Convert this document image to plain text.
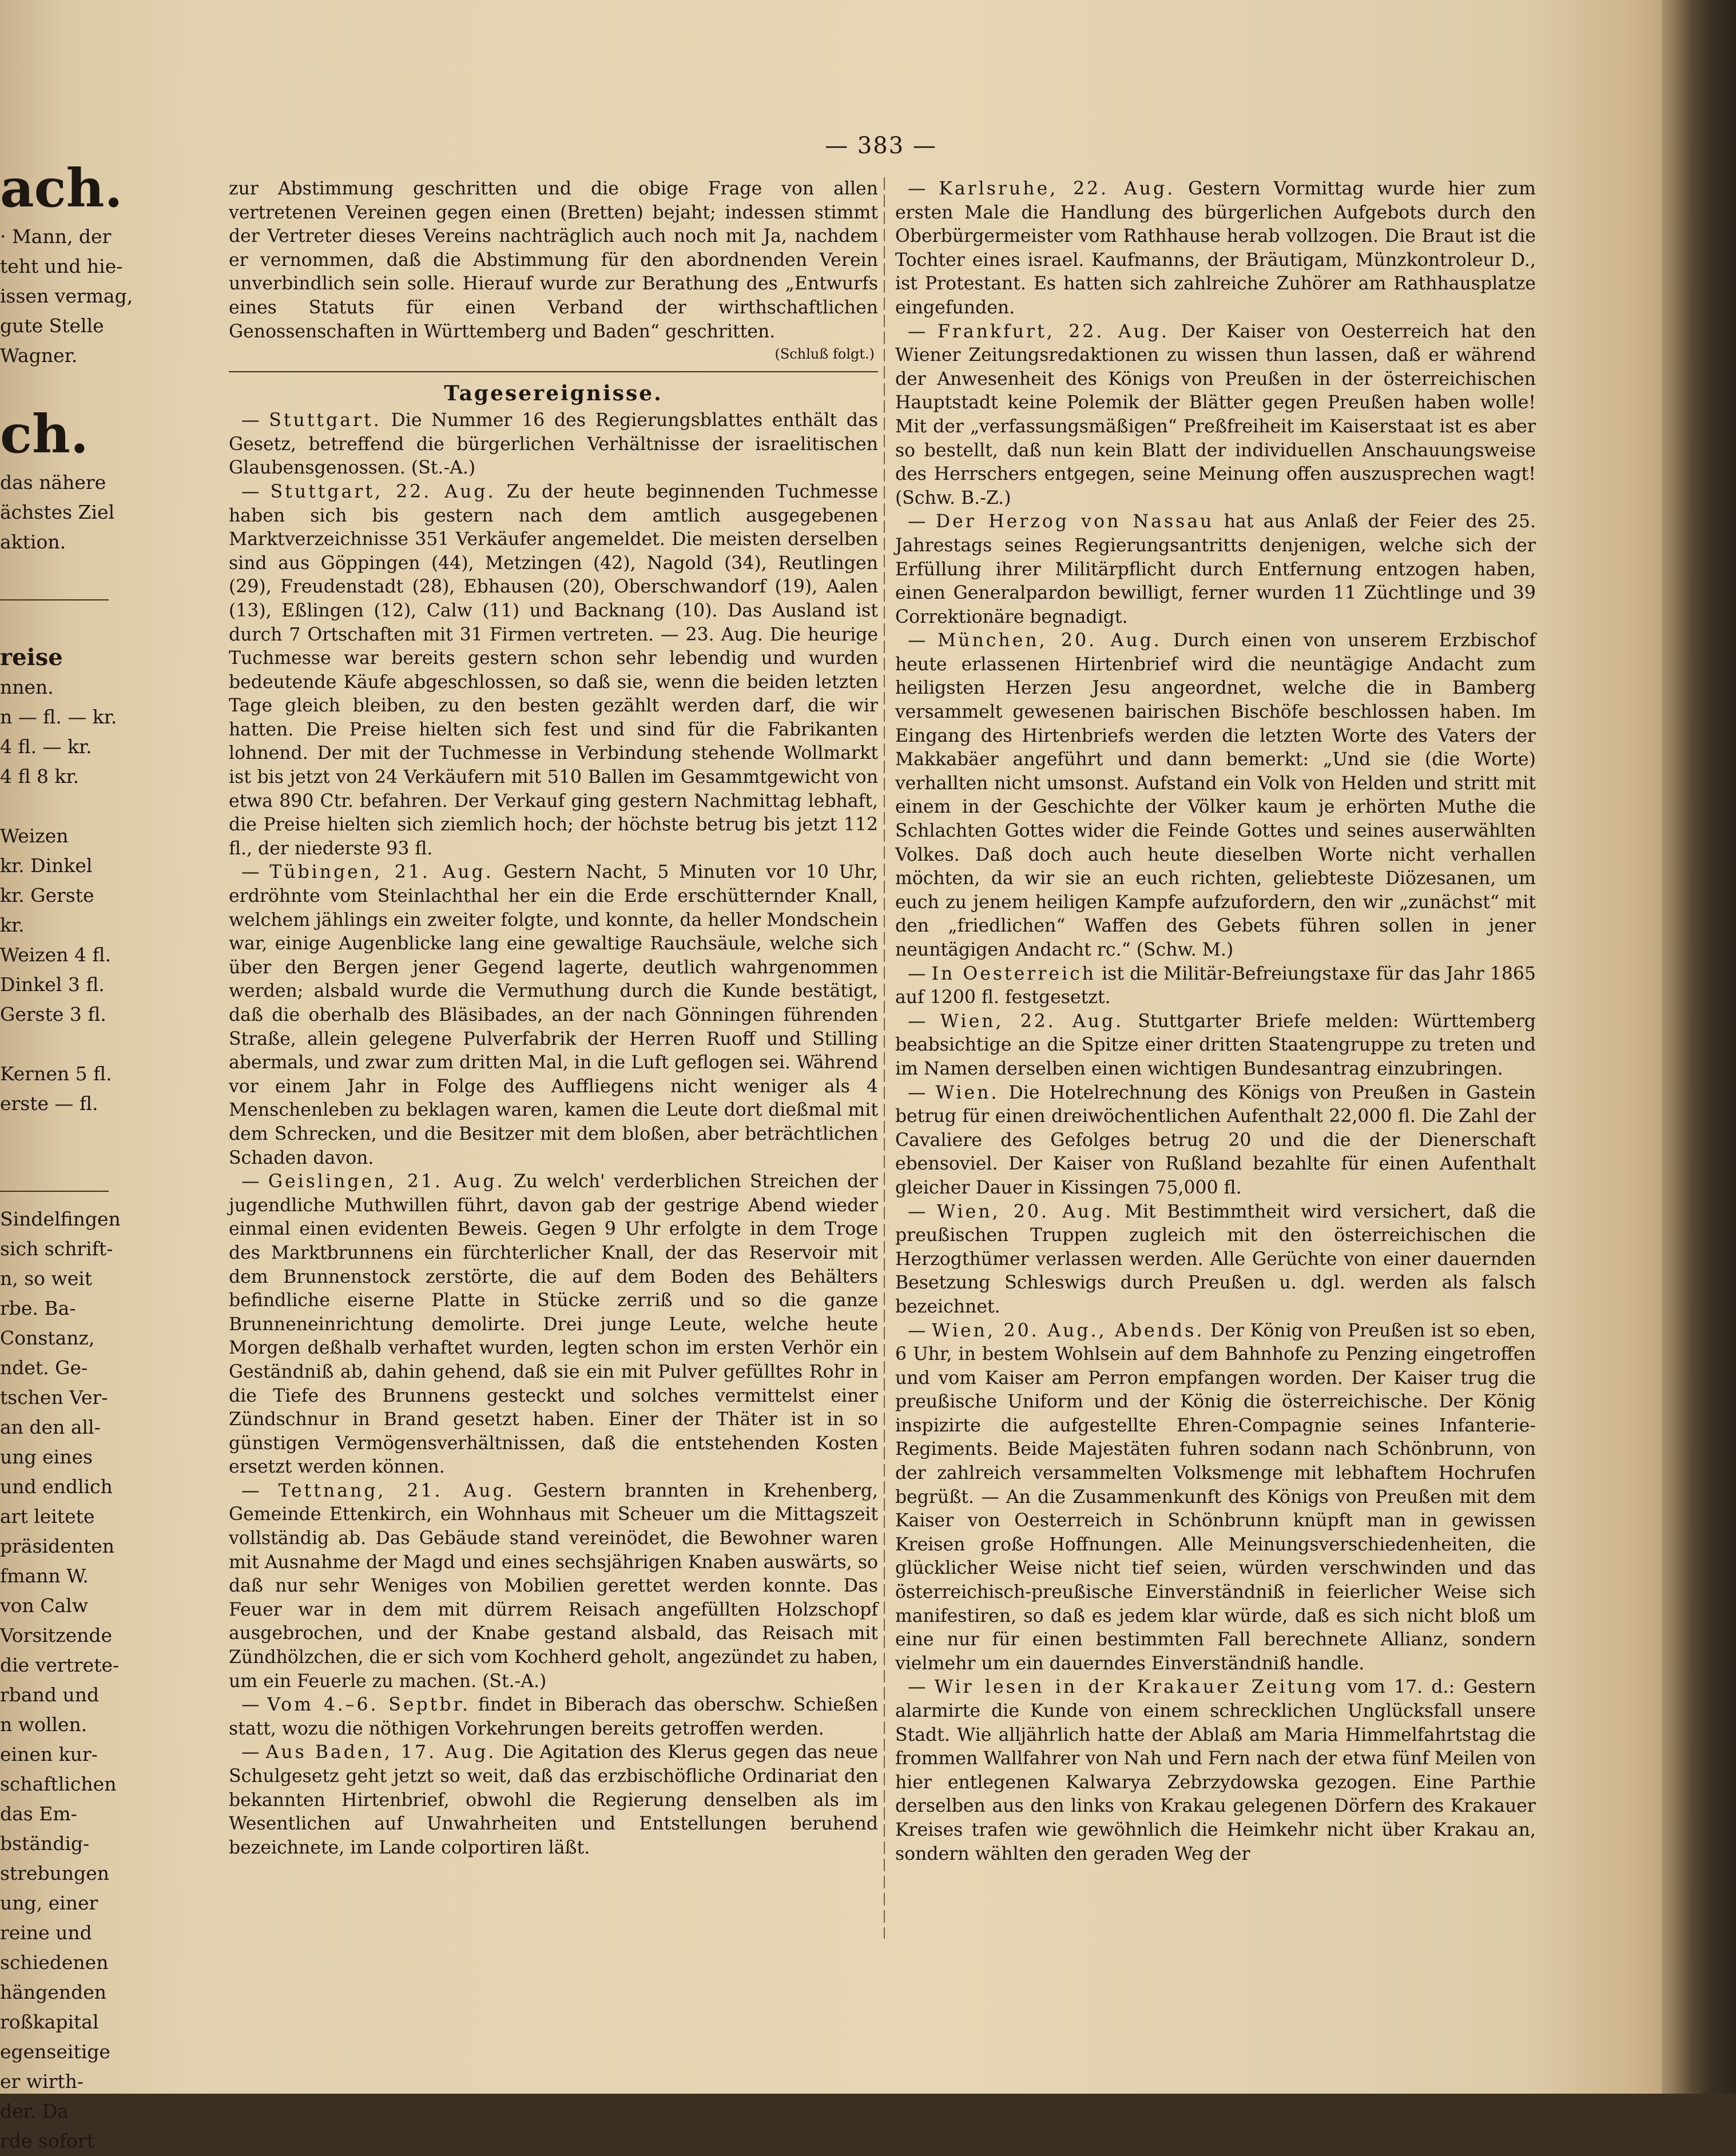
ach.
· Mann, der
teht und hie-
issen vermag,
gute Stelle
Wagner.
ch.
das nähere
ächstes Ziel
aktion.
reise
nnen.
n — fl. — kr.
4 fl. — kr.
4 fl 8 kr.
Weizen
kr. Dinkel
kr. Gerste
kr.
Weizen 4 fl.
Dinkel 3 fl.
Gerste 3 fl.
Kernen 5 fl.
erste — fl.
Sindelfingen
sich schrift-
n, so weit
rbe. Ba-
Constanz,
ndet. Ge-
tschen Ver-
an den all-
ung eines
und endlich
art leitete
präsidenten
fmann W.
von Calw
Vorsitzende
die vertrete-
rband und
n wollen.
einen kur-
schaftlichen
das Em-
bständig-
strebungen
ung, einer
reine und
schiedenen
hängenden
roßkapital
egenseitige
er wirth-
der. Da
rde sofort
— 383 —

zur Abstimmung geschritten und die obige Frage von allen vertretenen Vereinen gegen einen (Bretten) bejaht; indessen stimmt der Vertreter dieses Vereins nachträglich auch noch mit Ja, nachdem er vernommen, daß die Abstimmung für den abordnenden Verein unverbindlich sein solle. Hierauf wurde zur Berathung des „Entwurfs eines Statuts für einen Verband der wirthschaftlichen Genossenschaften in Württemberg und Baden“ geschritten.

(Schluß folgt.)
Tagesereignisse.

— Stuttgart. Die Nummer 16 des Regierungsblattes enthält das Gesetz, betreffend die bürgerlichen Verhältnisse der israelitischen Glaubensgenossen. (St.-A.)

— Stuttgart, 22. Aug. Zu der heute beginnenden Tuchmesse haben sich bis gestern nach dem amtlich ausgegebenen Marktverzeichnisse 351 Verkäufer angemeldet. Die meisten derselben sind aus Göppingen (44), Metzingen (42), Nagold (34), Reutlingen (29), Freudenstadt (28), Ebhausen (20), Oberschwandorf (19), Aalen (13), Eßlingen (12), Calw (11) und Backnang (10). Das Ausland ist durch 7 Ortschaften mit 31 Firmen vertreten. — 23. Aug. Die heurige Tuchmesse war bereits gestern schon sehr lebendig und wurden bedeutende Käufe abgeschlossen, so daß sie, wenn die beiden letzten Tage gleich bleiben, zu den besten gezählt werden darf, die wir hatten. Die Preise hielten sich fest und sind für die Fabrikanten lohnend. Der mit der Tuchmesse in Verbindung stehende Wollmarkt ist bis jetzt von 24 Verkäufern mit 510 Ballen im Gesammtgewicht von etwa 890 Ctr. befahren. Der Verkauf ging gestern Nachmittag lebhaft, die Preise hielten sich ziemlich hoch; der höchste betrug bis jetzt 112 fl., der niederste 93 fl.

— Tübingen, 21. Aug. Gestern Nacht, 5 Minuten vor 10 Uhr, erdröhnte vom Steinlachthal her ein die Erde erschütternder Knall, welchem jählings ein zweiter folgte, und konnte, da heller Mondschein war, einige Augenblicke lang eine gewaltige Rauchsäule, welche sich über den Bergen jener Gegend lagerte, deutlich wahrgenommen werden; alsbald wurde die Vermuthung durch die Kunde bestätigt, daß die oberhalb des Bläsibades, an der nach Gönningen führenden Straße, allein gelegene Pulverfabrik der Herren Ruoff und Stilling abermals, und zwar zum dritten Mal, in die Luft geflogen sei. Während vor einem Jahr in Folge des Auffliegens nicht weniger als 4 Menschenleben zu beklagen waren, kamen die Leute dort dießmal mit dem Schrecken, und die Besitzer mit dem bloßen, aber beträchtlichen Schaden davon.

— Geislingen, 21. Aug. Zu welch' verderblichen Streichen der jugendliche Muthwillen führt, davon gab der gestrige Abend wieder einmal einen evidenten Beweis. Gegen 9 Uhr erfolgte in dem Troge des Marktbrunnens ein fürchterlicher Knall, der das Reservoir mit dem Brunnenstock zerstörte, die auf dem Boden des Behälters befindliche eiserne Platte in Stücke zerriß und so die ganze Brunneneinrichtung demolirte. Drei junge Leute, welche heute Morgen deßhalb verhaftet wurden, legten schon im ersten Verhör ein Geständniß ab, dahin gehend, daß sie ein mit Pulver gefülltes Rohr in die Tiefe des Brunnens gesteckt und solches vermittelst einer Zündschnur in Brand gesetzt haben. Einer der Thäter ist in so günstigen Vermögensverhältnissen, daß die entstehenden Kosten ersetzt werden können.

— Tettnang, 21. Aug. Gestern brannten in Krehenberg, Gemeinde Ettenkirch, ein Wohnhaus mit Scheuer um die Mittagszeit vollständig ab. Das Gebäude stand vereinödet, die Bewohner waren mit Ausnahme der Magd und eines sechsjährigen Knaben auswärts, so daß nur sehr Weniges von Mobilien gerettet werden konnte. Das Feuer war in dem mit dürrem Reisach angefüllten Holzschopf ausgebrochen, und der Knabe gestand alsbald, das Reisach mit Zündhölzchen, die er sich vom Kochherd geholt, angezündet zu haben, um ein Feuerle zu machen. (St.-A.)

— Vom 4.–6. Septbr. findet in Biberach das oberschw. Schießen statt, wozu die nöthigen Vorkehrungen bereits getroffen werden.

— Aus Baden, 17. Aug. Die Agitation des Klerus gegen das neue Schulgesetz geht jetzt so weit, daß das erzbischöfliche Ordinariat den bekannten Hirtenbrief, obwohl die Regierung denselben als im Wesentlichen auf Unwahrheiten und Entstellungen beruhend bezeichnete, im Lande colportiren läßt.

— Karlsruhe, 22. Aug. Gestern Vormittag wurde hier zum ersten Male die Handlung des bürgerlichen Aufgebots durch den Oberbürgermeister vom Rathhause herab vollzogen. Die Braut ist die Tochter eines israel. Kaufmanns, der Bräutigam, Münzkontroleur D., ist Protestant. Es hatten sich zahlreiche Zuhörer am Rathhausplatze eingefunden.

— Frankfurt, 22. Aug. Der Kaiser von Oesterreich hat den Wiener Zeitungsredaktionen zu wissen thun lassen, daß er während der Anwesenheit des Königs von Preußen in der österreichischen Hauptstadt keine Polemik der Blätter gegen Preußen haben wolle! Mit der „verfassungsmäßigen“ Preßfreiheit im Kaiserstaat ist es aber so bestellt, daß nun kein Blatt der individuellen Anschauungsweise des Herrschers entgegen, seine Meinung offen auszusprechen wagt! (Schw. B.-Z.)

— Der Herzog von Nassau hat aus Anlaß der Feier des 25. Jahrestags seines Regierungsantritts denjenigen, welche sich der Erfüllung ihrer Militärpflicht durch Entfernung entzogen haben, einen Generalpardon bewilligt, ferner wurden 11 Züchtlinge und 39 Correktionäre begnadigt.

— München, 20. Aug. Durch einen von unserem Erzbischof heute erlassenen Hirtenbrief wird die neuntägige Andacht zum heiligsten Herzen Jesu angeordnet, welche die in Bamberg versammelt gewesenen bairischen Bischöfe beschlossen haben. Im Eingang des Hirtenbriefs werden die letzten Worte des Vaters der Makkabäer angeführt und dann bemerkt: „Und sie (die Worte) verhallten nicht umsonst. Aufstand ein Volk von Helden und stritt mit einem in der Geschichte der Völker kaum je erhörten Muthe die Schlachten Gottes wider die Feinde Gottes und seines auserwählten Volkes. Daß doch auch heute dieselben Worte nicht verhallen möchten, da wir sie an euch richten, geliebteste Diözesanen, um euch zu jenem heiligen Kampfe aufzufordern, den wir „zunächst“ mit den „friedlichen“ Waffen des Gebets führen sollen in jener neuntägigen Andacht rc.“ (Schw. M.)

— In Oesterreich ist die Militär-Befreiungstaxe für das Jahr 1865 auf 1200 fl. festgesetzt.

— Wien, 22. Aug. Stuttgarter Briefe melden: Württemberg beabsichtige an die Spitze einer dritten Staatengruppe zu treten und im Namen derselben einen wichtigen Bundesantrag einzubringen.

— Wien. Die Hotelrechnung des Königs von Preußen in Gastein betrug für einen dreiwöchentlichen Aufenthalt 22,000 fl. Die Zahl der Cavaliere des Gefolges betrug 20 und die der Dienerschaft ebensoviel. Der Kaiser von Rußland bezahlte für einen Aufenthalt gleicher Dauer in Kissingen 75,000 fl.

— Wien, 20. Aug. Mit Bestimmtheit wird versichert, daß die preußischen Truppen zugleich mit den österreichischen die Herzogthümer verlassen werden. Alle Gerüchte von einer dauernden Besetzung Schleswigs durch Preußen u. dgl. werden als falsch bezeichnet.

— Wien, 20. Aug., Abends. Der König von Preußen ist so eben, 6 Uhr, in bestem Wohlsein auf dem Bahnhofe zu Penzing eingetroffen und vom Kaiser am Perron empfangen worden. Der Kaiser trug die preußische Uniform und der König die österreichische. Der König inspizirte die aufgestellte Ehren-Compagnie seines Infanterie-Regiments. Beide Majestäten fuhren sodann nach Schönbrunn, von der zahlreich versammelten Volksmenge mit lebhaftem Hochrufen begrüßt. — An die Zusammenkunft des Königs von Preußen mit dem Kaiser von Oesterreich in Schönbrunn knüpft man in gewissen Kreisen große Hoffnungen. Alle Meinungsverschiedenheiten, die glücklicher Weise nicht tief seien, würden verschwinden und das österreichisch-preußische Einverständniß in feierlicher Weise sich manifestiren, so daß es jedem klar würde, daß es sich nicht bloß um eine nur für einen bestimmten Fall berechnete Allianz, sondern vielmehr um ein dauerndes Einverständniß handle.

— Wir lesen in der Krakauer Zeitung vom 17. d.: Gestern alarmirte die Kunde von einem schrecklichen Unglücksfall unsere Stadt. Wie alljährlich hatte der Ablaß am Maria Himmelfahrtstag die frommen Wallfahrer von Nah und Fern nach der etwa fünf Meilen von hier entlegenen Kalwarya Zebrzydowska gezogen. Eine Parthie derselben aus den links von Krakau gelegenen Dörfern des Krakauer Kreises trafen wie gewöhnlich die Heimkehr nicht über Krakau an, sondern wählten den geraden Weg der
